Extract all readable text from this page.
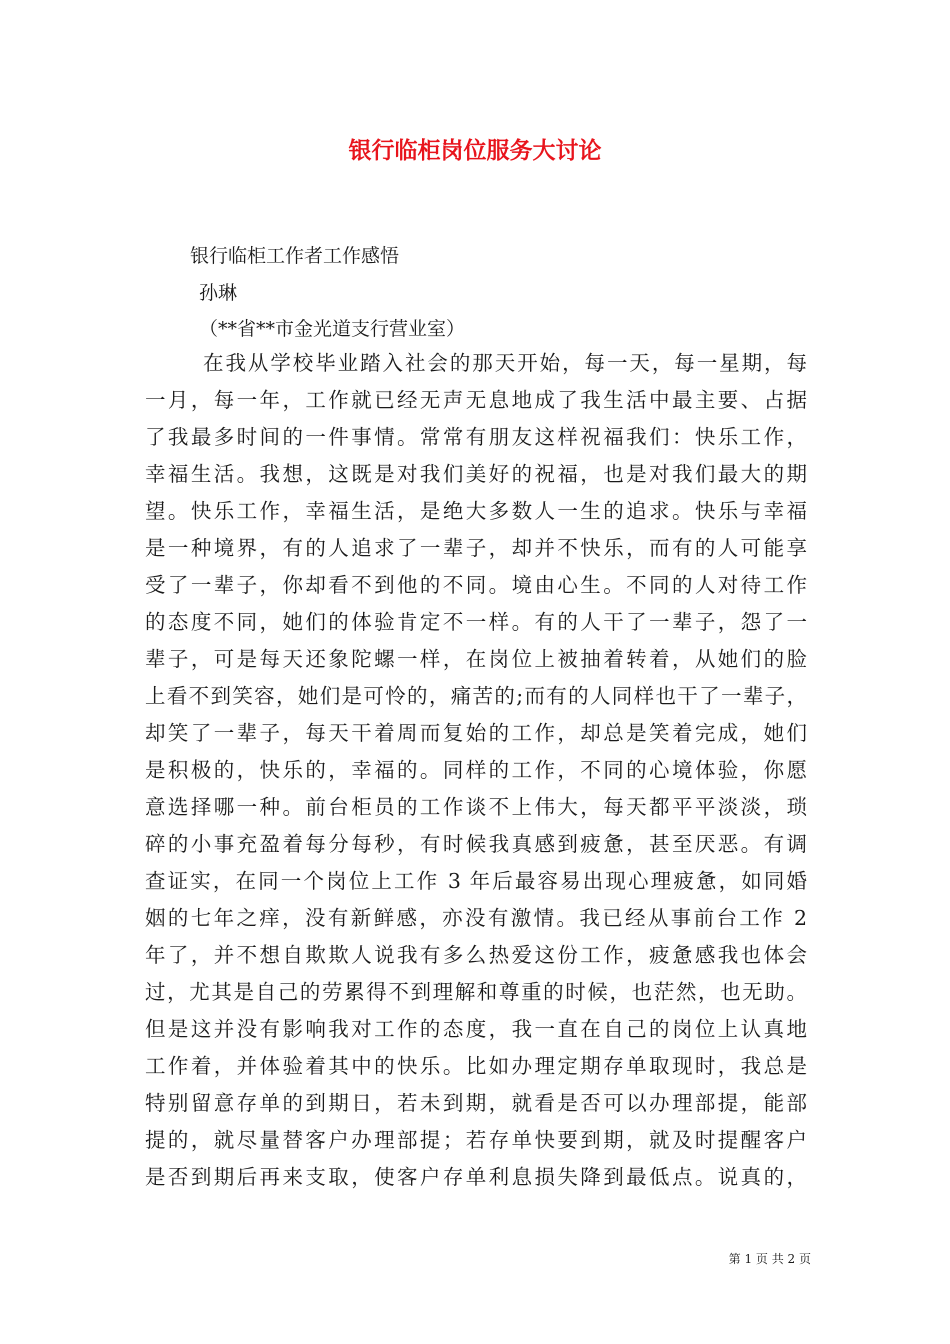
银行临柜岗位服务大讨论
银行临柜工作者工作感悟
孙琳
（**省**市金光道支行营业室）
在我从学校毕业踏入社会的那天开始，每一天，每一星期，每
一月，每一年，工作就已经无声无息地成了我生活中最主要、占据
了我最多时间的一件事情。常常有朋友这样祝福我们：快乐工作，
幸福生活。我想，这既是对我们美好的祝福，也是对我们最大的期
望。快乐工作，幸福生活，是绝大多数人一生的追求。快乐与幸福
是一种境界，有的人追求了一辈子，却并不快乐，而有的人可能享
受了一辈子，你却看不到他的不同。境由心生。不同的人对待工作
的态度不同，她们的体验肯定不一样。有的人干了一辈子，怨了一
辈子，可是每天还象陀螺一样，在岗位上被抽着转着，从她们的脸
上看不到笑容，她们是可怜的，痛苦的;而有的人同样也干了一辈子，
却笑了一辈子，每天干着周而复始的工作，却总是笑着完成，她们
是积极的，快乐的，幸福的。同样的工作，不同的心境体验，你愿
意选择哪一种。前台柜员的工作谈不上伟大，每天都平平淡淡，琐
碎的小事充盈着每分每秒，有时候我真感到疲惫，甚至厌恶。有调
查证实，在同一个岗位上工作 3 年后最容易出现心理疲惫，如同婚
姻的七年之痒，没有新鲜感，亦没有激情。我已经从事前台工作 2
年了，并不想自欺欺人说我有多么热爱这份工作，疲惫感我也体会
过，尤其是自己的劳累得不到理解和尊重的时候，也茫然，也无助。
但是这并没有影响我对工作的态度，我一直在自己的岗位上认真地
工作着，并体验着其中的快乐。比如办理定期存单取现时，我总是
特别留意存单的到期日，若未到期，就看是否可以办理部提，能部
提的，就尽量替客户办理部提；若存单快要到期，就及时提醒客户
是否到期后再来支取，使客户存单利息损失降到最低点。说真的，
第 1 页 共 2 页
